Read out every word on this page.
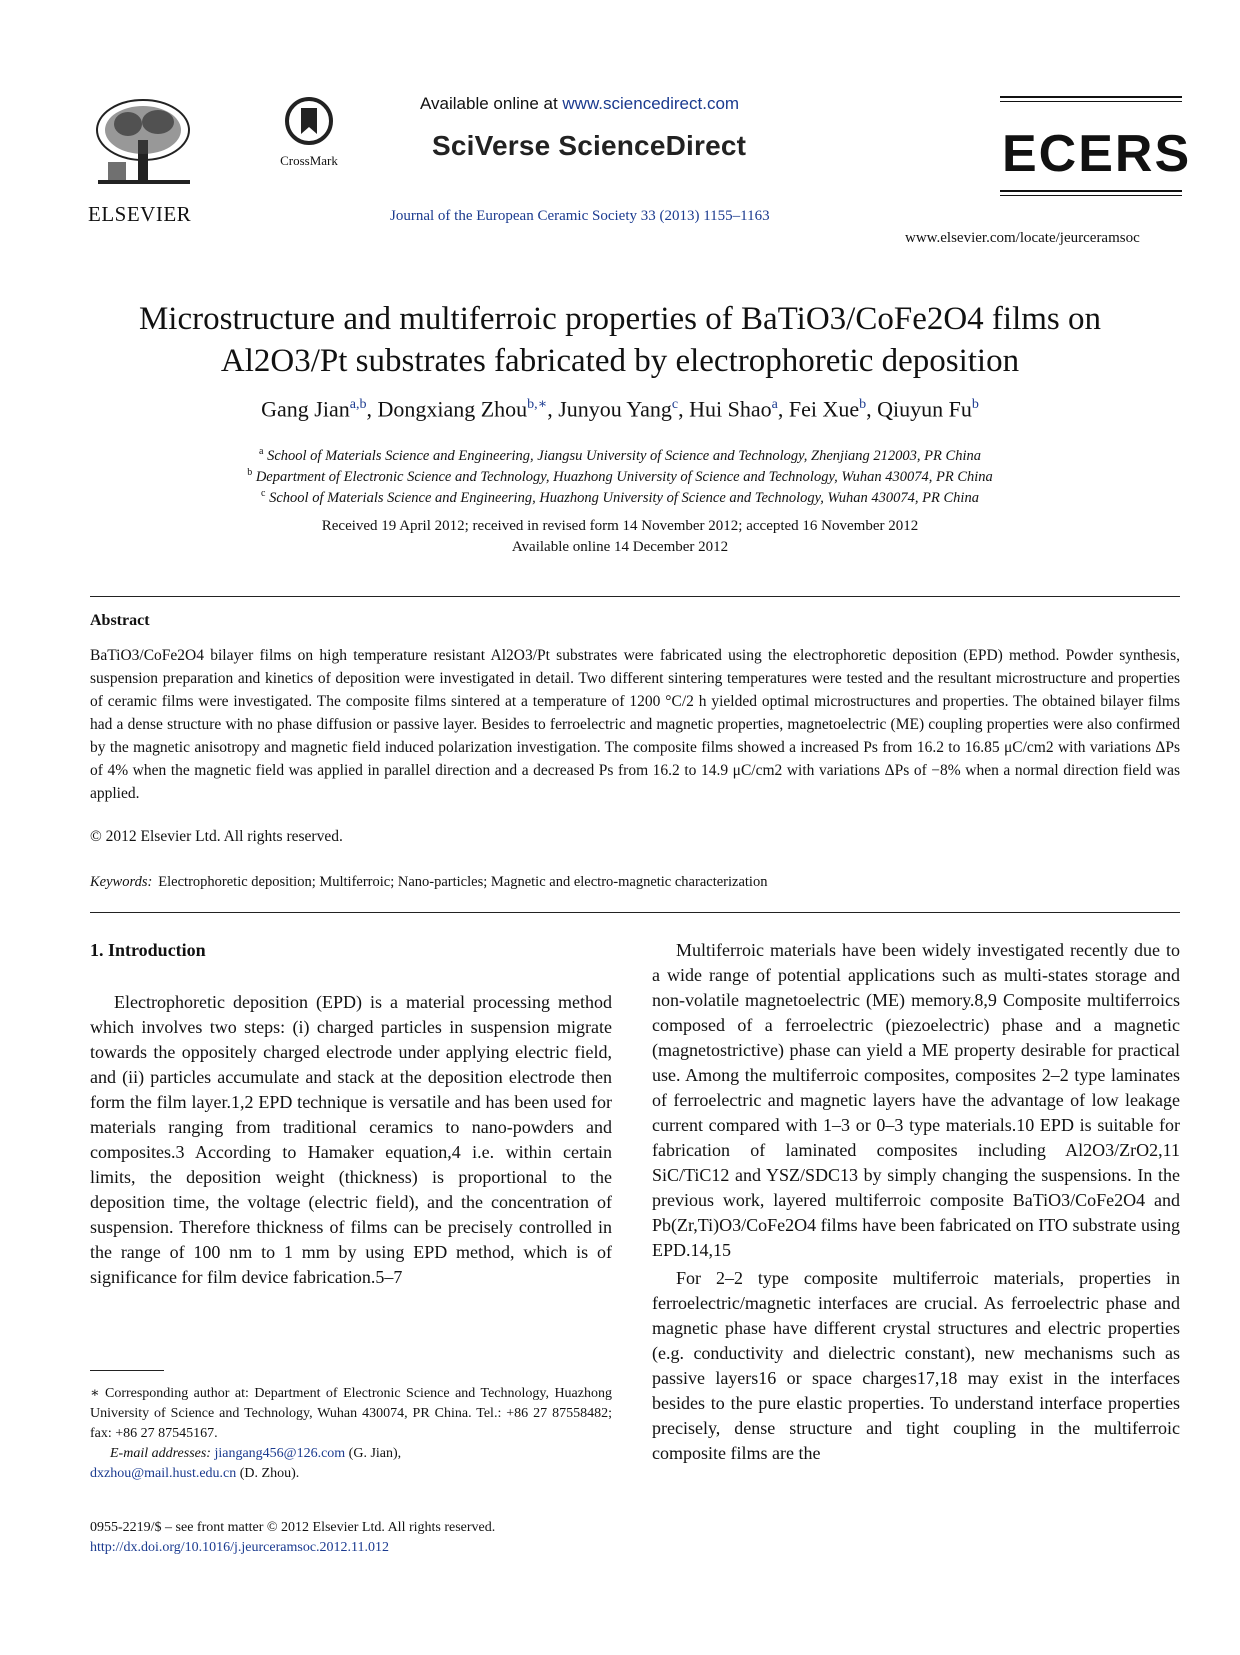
ELSEVIER
CrossMark
Available online at www.sciencedirect.com
SciVerse ScienceDirect
Journal of the European Ceramic Society 33 (2013) 1155–1163
ECERS
www.elsevier.com/locate/jeurceramsoc
Microstructure and multiferroic properties of BaTiO3/CoFe2O4 films on
Al2O3/Pt substrates fabricated by electrophoretic deposition
Gang Jian$^{a,b}$, Dongxiang Zhou$^{b,∗}$, Junyou Yang$^c$, Hui Shao$^a$, Fei Xue$^b$, Qiuyun Fu$^b$
$^a$ School of Materials Science and Engineering, Jiangsu University of Science and Technology, Zhenjiang 212003, PR China
$^b$ Department of Electronic Science and Technology, Huazhong University of Science and Technology, Wuhan 430074, PR China
$^c$ School of Materials Science and Engineering, Huazhong University of Science and Technology, Wuhan 430074, PR China
Received 19 April 2012; received in revised form 14 November 2012; accepted 16 November 2012
Available online 14 December 2012
Abstract
BaTiO3/CoFe2O4 bilayer films on high temperature resistant Al2O3/Pt substrates were fabricated using the electrophoretic deposition (EPD) method. Powder synthesis, suspension preparation and kinetics of deposition were investigated in detail. Two different sintering temperatures were tested and the resultant microstructure and properties of ceramic films were investigated. The composite films sintered at a temperature of 1200 °C/2 h yielded optimal microstructures and properties. The obtained bilayer films had a dense structure with no phase diffusion or passive layer. Besides to ferroelectric and magnetic properties, magnetoelectric (ME) coupling properties were also confirmed by the magnetic anisotropy and magnetic field induced polarization investigation. The composite films showed a increased Ps from 16.2 to 16.85 μC/cm2 with variations ΔPs of 4% when the magnetic field was applied in parallel direction and a decreased Ps from 16.2 to 14.9 μC/cm2 with variations ΔPs of −8% when a normal direction field was applied.
© 2012 Elsevier Ltd. All rights reserved.
Keywords: Electrophoretic deposition; Multiferroic; Nano-particles; Magnetic and electro-magnetic characterization
1. Introduction

Electrophoretic deposition (EPD) is a material processing method which involves two steps: (i) charged particles in suspension migrate towards the oppositely charged electrode under applying electric field, and (ii) particles accumulate and stack at the deposition electrode then form the film layer.1,2 EPD technique is versatile and has been used for materials ranging from traditional ceramics to nano-powders and composites.3 According to Hamaker equation,4 i.e. within certain limits, the deposition weight (thickness) is proportional to the deposition time, the voltage (electric field), and the concentration of suspension. Therefore thickness of films can be precisely controlled in the range of 100 nm to 1 mm by using EPD method, which is of significance for film device fabrication.5–7

Multiferroic materials have been widely investigated recently due to a wide range of potential applications such as multi-states storage and non-volatile magnetoelectric (ME) memory.8,9 Composite multiferroics composed of a ferroelectric (piezoelectric) phase and a magnetic (magnetostrictive) phase can yield a ME property desirable for practical use. Among the multiferroic composites, composites 2–2 type laminates of ferroelectric and magnetic layers have the advantage of low leakage current compared with 1–3 or 0–3 type materials.10 EPD is suitable for fabrication of laminated composites including Al2O3/ZrO2,11 SiC/TiC12 and YSZ/SDC13 by simply changing the suspensions. In the previous work, layered multiferroic composite BaTiO3/CoFe2O4 and Pb(Zr,Ti)O3/CoFe2O4 films have been fabricated on ITO substrate using EPD.14,15

For 2–2 type composite multiferroic materials, properties in ferroelectric/magnetic interfaces are crucial. As ferroelectric phase and magnetic phase have different crystal structures and electric properties (e.g. conductivity and dielectric constant), new mechanisms such as passive layers16 or space charges17,18 may exist in the interfaces besides to the pure elastic properties. To understand interface properties precisely, dense structure and tight coupling in the multiferroic composite films are the

∗ Corresponding author at: Department of Electronic Science and Technology, Huazhong University of Science and Technology, Wuhan 430074, PR China. Tel.: +86 27 87558482; fax: +86 27 87545167.
E-mail addresses: jiangang456@126.com (G. Jian),
dxzhou@mail.hust.edu.cn (D. Zhou).
0955-2219/$ – see front matter © 2012 Elsevier Ltd. All rights reserved.
http://dx.doi.org/10.1016/j.jeurceramsoc.2012.11.012
